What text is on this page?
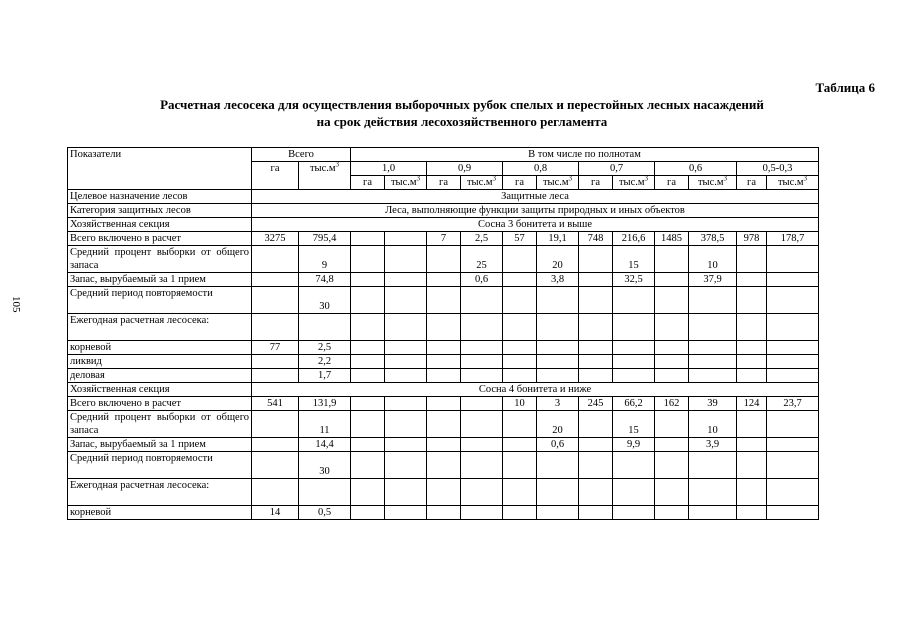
105
Таблица 6
Расчетная лесосека для осуществления выборочных рубок спелых и перестойных лесных насаждений
на срок действия лесохозяйственного регламента
Показатели	Всего		В том числе по полнотам											
	га	$тыс.м^3$	1,0		0,9		0,8		0,7		0,6		0,5-0,3	
			га	$тыс.м^3$	га	$тыс.м^3$	га	$тыс.м^3$	га	$тыс.м^3$	га	$тыс.м^3$	га	$тыс.м^3$
Целевое назначение лесов	Защитные леса													
Категория защитных лесов	Леса, выполняющие функции защиты природных и иных объектов													
Хозяйственная секция	Сосна 3 бонитета и выше													
Всего включено в расчет	3275	795,4			7	2,5	57	19,1	748	216,6	1485	378,5	978	178,7
Средний процент выборки от общего запаса		9				25		20		15		10		
Запас, вырубаемый за 1 прием		74,8				0,6		3,8		32,5		37,9		
Средний период повторяемости		30												
Ежегодная расчетная лесосека:														
корневой	77	2,5												
ликвид		2,2												
деловая		1,7												
Хозяйственная секция	Сосна 4 бонитета и ниже													
Всего включено в расчет	541	131,9					10	3	245	66,2	162	39	124	23,7
Средний процент выборки от общего запаса		11						20		15		10		
Запас, вырубаемый за 1 прием		14,4						0,6		9,9		3,9		
Средний период повторяемости		30												
Ежегодная расчетная лесосека:														
корневой	14	0,5												
